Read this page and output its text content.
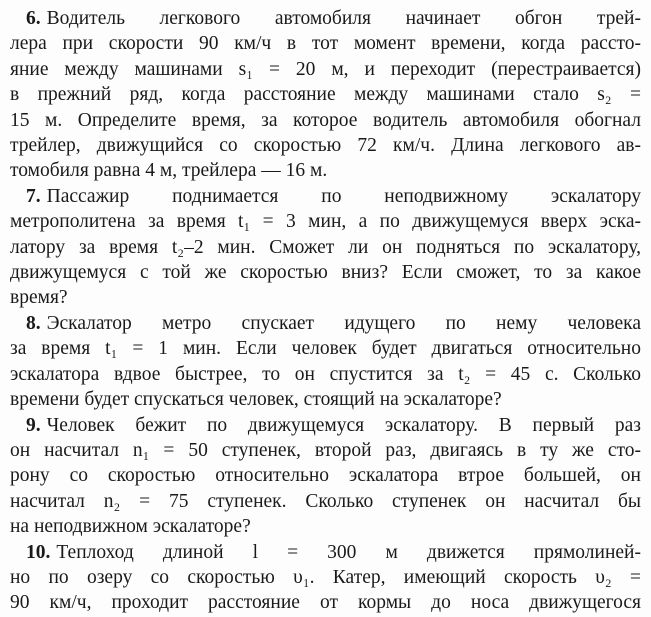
6. Водитель легкового автомобиля начинает обгон трей-
лера при скорости 90 км/ч в тот момент времени, когда рассто-
яние между машинами s₁ = 20 м, и переходит (перестраивается)
в прежний ряд, когда расстояние между машинами стало s₂ =
15 м. Определите время, за которое водитель автомобиля обогнал
трейлер, движущийся со скоростью 72 км/ч. Длина легкового ав-
томобиля равна 4 м, трейлера — 16 м.
7. Пассажир поднимается по неподвижному эскалатору
метрополитена за время t₁ = 3 мин, а по движущемуся вверх эска-
латору за время t₂–2 мин. Сможет ли он подняться по эскалатору,
движущемуся с той же скоростью вниз? Если сможет, то за какое
время?
8. Эскалатор метро спускает идущего по нему человека
за время t₁ = 1 мин. Если человек будет двигаться относительно
эскалатора вдвое быстрее, то он спустится за t₂ = 45 с. Сколько
времени будет спускаться человек, стоящий на эскалаторе?
9. Человек бежит по движущемуся эскалатору. В первый раз
он насчитал n₁ = 50 ступенек, второй раз, двигаясь в ту же сто-
рону со скоростью относительно эскалатора втрое большей, он
насчитал n₂ = 75 ступенек. Сколько ступенек он насчитал бы
на неподвижном эскалаторе?
10. Теплоход длиной l = 300 м движется прямолиней-
но по озеру со скоростью υ₁. Катер, имеющий скорость υ₂ =
90 км/ч, проходит расстояние от кормы до носа движущегося
